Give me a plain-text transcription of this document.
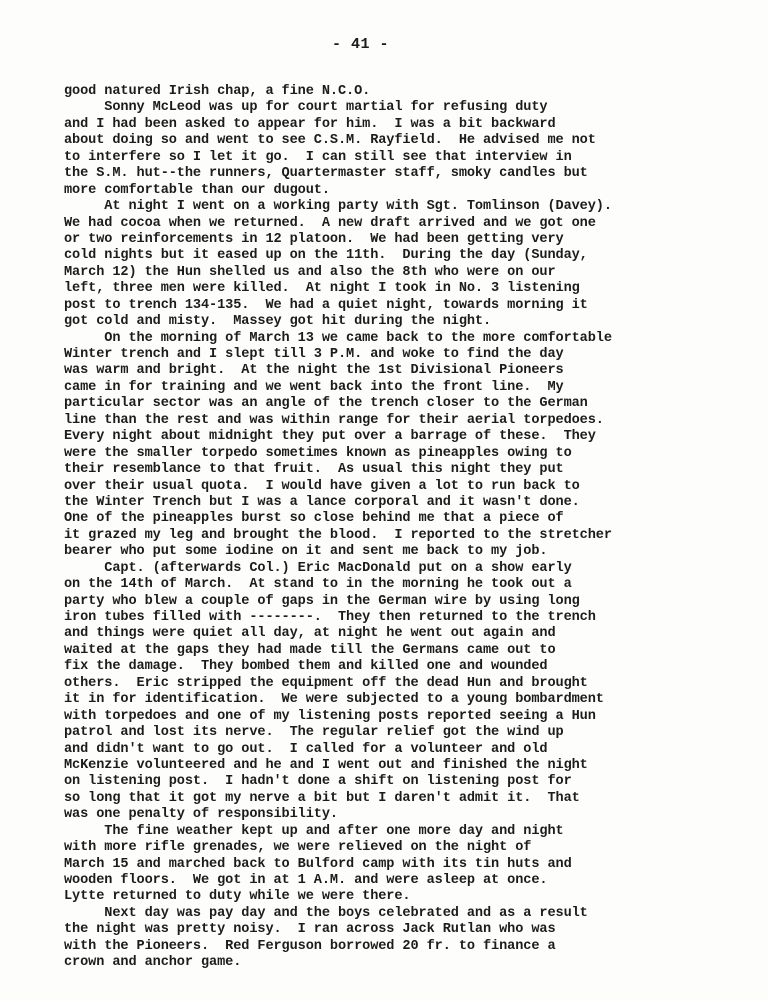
- 41 -
good natured Irish chap, a fine N.C.O.
Sonny McLeod was up for court martial for refusing duty
and I had been asked to appear for him.  I was a bit backward
about doing so and went to see C.S.M. Rayfield.  He advised me not
to interfere so I let it go.  I can still see that interview in
the S.M. hut--the runners, Quartermaster staff, smoky candles but
more comfortable than our dugout.
At night I went on a working party with Sgt. Tomlinson (Davey).
We had cocoa when we returned.  A new draft arrived and we got one
or two reinforcements in 12 platoon.  We had been getting very
cold nights but it eased up on the 11th.  During the day (Sunday,
March 12) the Hun shelled us and also the 8th who were on our
left, three men were killed.  At night I took in No. 3 listening
post to trench 134-135.  We had a quiet night, towards morning it
got cold and misty.  Massey got hit during the night.
On the morning of March 13 we came back to the more comfortable
Winter trench and I slept till 3 P.M. and woke to find the day
was warm and bright.  At the night the 1st Divisional Pioneers
came in for training and we went back into the front line.  My
particular sector was an angle of the trench closer to the German
line than the rest and was within range for their aerial torpedoes.
Every night about midnight they put over a barrage of these.  They
were the smaller torpedo sometimes known as pineapples owing to
their resemblance to that fruit.  As usual this night they put
over their usual quota.  I would have given a lot to run back to
the Winter Trench but I was a lance corporal and it wasn't done.
One of the pineapples burst so close behind me that a piece of
it grazed my leg and brought the blood.  I reported to the stretcher
bearer who put some iodine on it and sent me back to my job.
Capt. (afterwards Col.) Eric MacDonald put on a show early
on the 14th of March.  At stand to in the morning he took out a
party who blew a couple of gaps in the German wire by using long
iron tubes filled with --------.  They then returned to the trench
and things were quiet all day, at night he went out again and
waited at the gaps they had made till the Germans came out to
fix the damage.  They bombed them and killed one and wounded
others.  Eric stripped the equipment off the dead Hun and brought
it in for identification.  We were subjected to a young bombardment
with torpedoes and one of my listening posts reported seeing a Hun
patrol and lost its nerve.  The regular relief got the wind up
and didn't want to go out.  I called for a volunteer and old
McKenzie volunteered and he and I went out and finished the night
on listening post.  I hadn't done a shift on listening post for
so long that it got my nerve a bit but I daren't admit it.  That
was one penalty of responsibility.
The fine weather kept up and after one more day and night
with more rifle grenades, we were relieved on the night of
March 15 and marched back to Bulford camp with its tin huts and
wooden floors.  We got in at 1 A.M. and were asleep at once.
Lytte returned to duty while we were there.
Next day was pay day and the boys celebrated and as a result
the night was pretty noisy.  I ran across Jack Rutlan who was
with the Pioneers.  Red Ferguson borrowed 20 fr. to finance a
crown and anchor game.
